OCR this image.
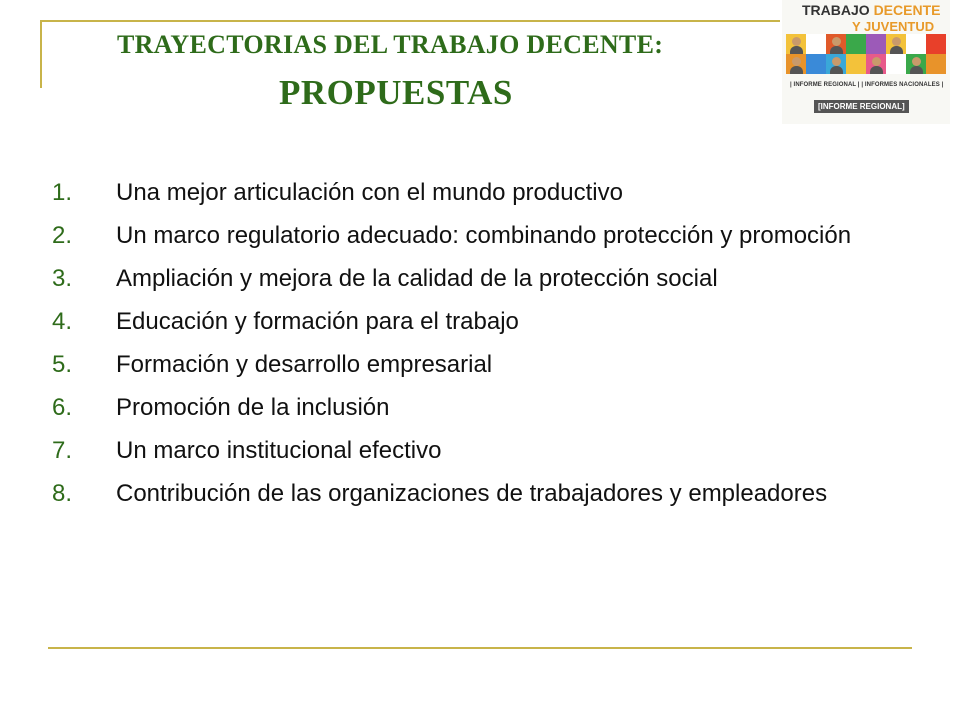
TRAYECTORIAS DEL TRABAJO DECENTE:
PROPUESTAS
TRABAJO DECENTE
Y JUVENTUD
| INFORME REGIONAL | | INFORMES NACIONALES |
[INFORME REGIONAL]
1. Una mejor articulación con el mundo productivo
2. Un marco regulatorio adecuado: combinando protección y promoción
3. Ampliación y mejora de la calidad de la protección social
4. Educación y formación para el trabajo
5. Formación y desarrollo empresarial
6. Promoción de la inclusión
7. Un marco institucional efectivo
8. Contribución de las organizaciones de trabajadores y empleadores
